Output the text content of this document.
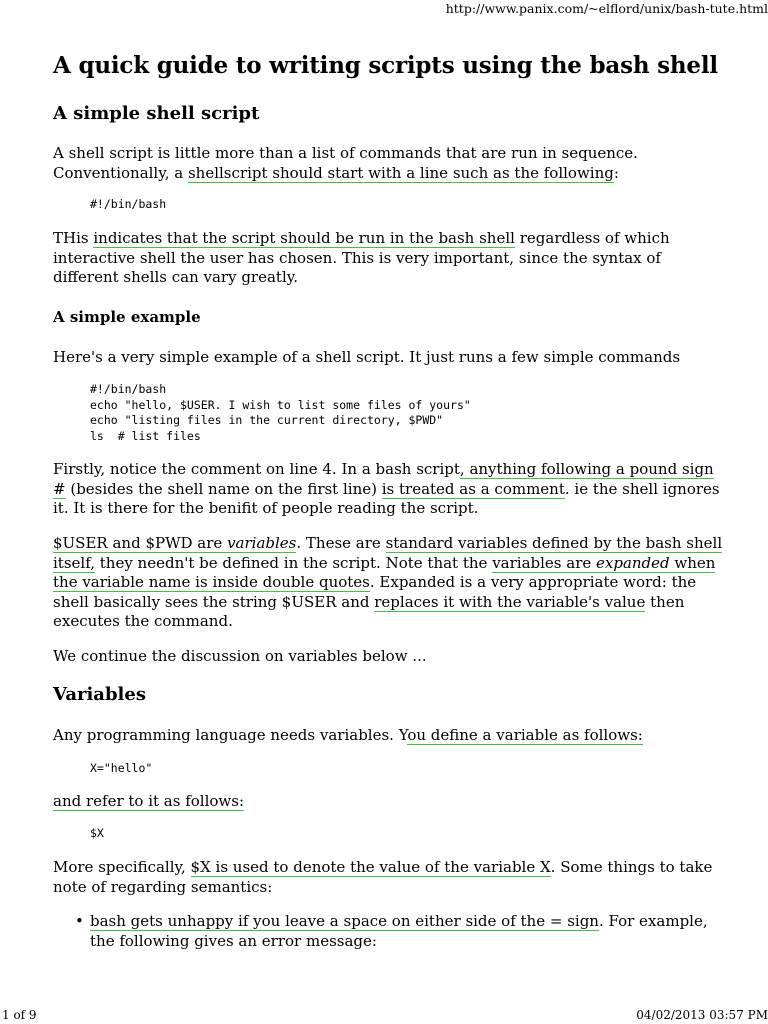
http://www.panix.com/~elflord/unix/bash-tute.html
A quick guide to writing scripts using the bash shell
A simple shell script

A shell script is little more than a list of commands that are run in sequence. Conventionally, a shellscript should start with a line such as the following:

#!/bin/bash

THis indicates that the script should be run in the bash shell regardless of which interactive shell the user has chosen. This is very important, since the syntax of different shells can vary greatly.

A simple example

Here's a very simple example of a shell script. It just runs a few simple commands

#!/bin/bash
echo "hello, $USER. I wish to list some files of yours"
echo "listing files in the current directory, $PWD"
ls  # list files

Firstly, notice the comment on line 4. In a bash script, anything following a pound sign # (besides the shell name on the first line) is treated as a comment. ie the shell ignores it. It is there for the benifit of people reading the script.

$USER and $PWD are variables. These are standard variables defined by the bash shell itself, they needn't be defined in the script. Note that the variables are expanded when the variable name is inside double quotes. Expanded is a very appropriate word: the shell basically sees the string $USER and replaces it with the variable's value then executes the command.

We continue the discussion on variables below ...

Variables

Any programming language needs variables. You define a variable as follows:

X="hello"

and refer to it as follows:

$X

More specifically, $X is used to denote the value of the variable X. Some things to take note of regarding semantics:

• bash gets unhappy if you leave a space on either side of the = sign. For example, the following gives an error message:
1 of 9	04/02/2013 03:57 PM
